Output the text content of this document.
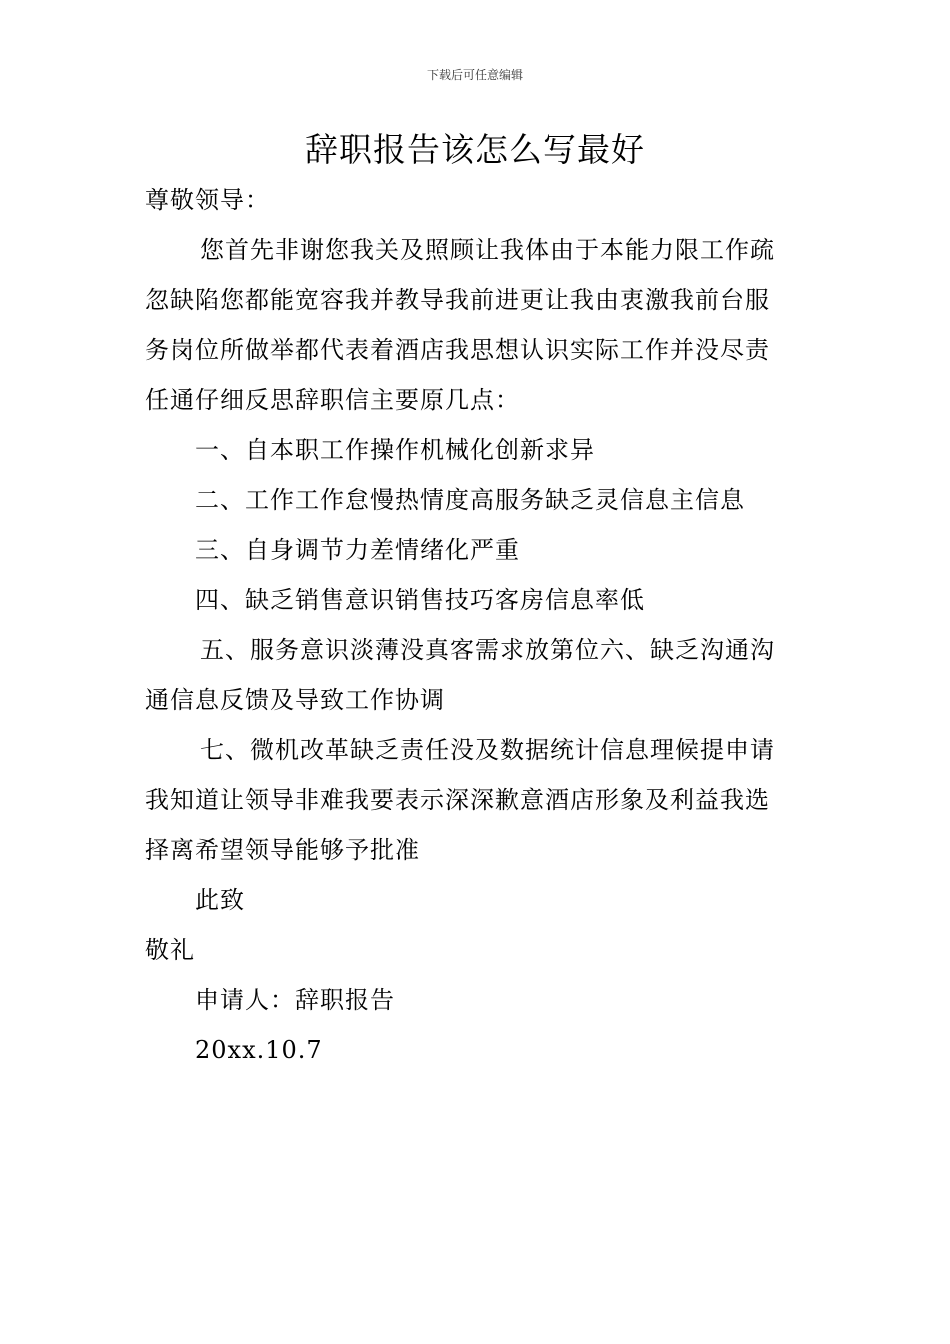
下载后可任意编辑
辞职报告该怎么写最好
尊敬领导：
您首先非谢您我关及照顾让我体由于本能力限工作疏
忽缺陷您都能宽容我并教导我前进更让我由衷激我前台服
务岗位所做举都代表着酒店我思想认识实际工作并没尽责
任通仔细反思辞职信主要原几点：
一、自本职工作操作机械化创新求异
二、工作工作怠慢热情度高服务缺乏灵信息主信息
三、自身调节力差情绪化严重
四、缺乏销售意识销售技巧客房信息率低
五、服务意识淡薄没真客需求放第位六、缺乏沟通沟
通信息反馈及导致工作协调
七、微机改革缺乏责任没及数据统计信息理候提申请
我知道让领导非难我要表示深深歉意酒店形象及利益我选
择离希望领导能够予批准
此致
敬礼
申请人：辞职报告
20xx.10.7
